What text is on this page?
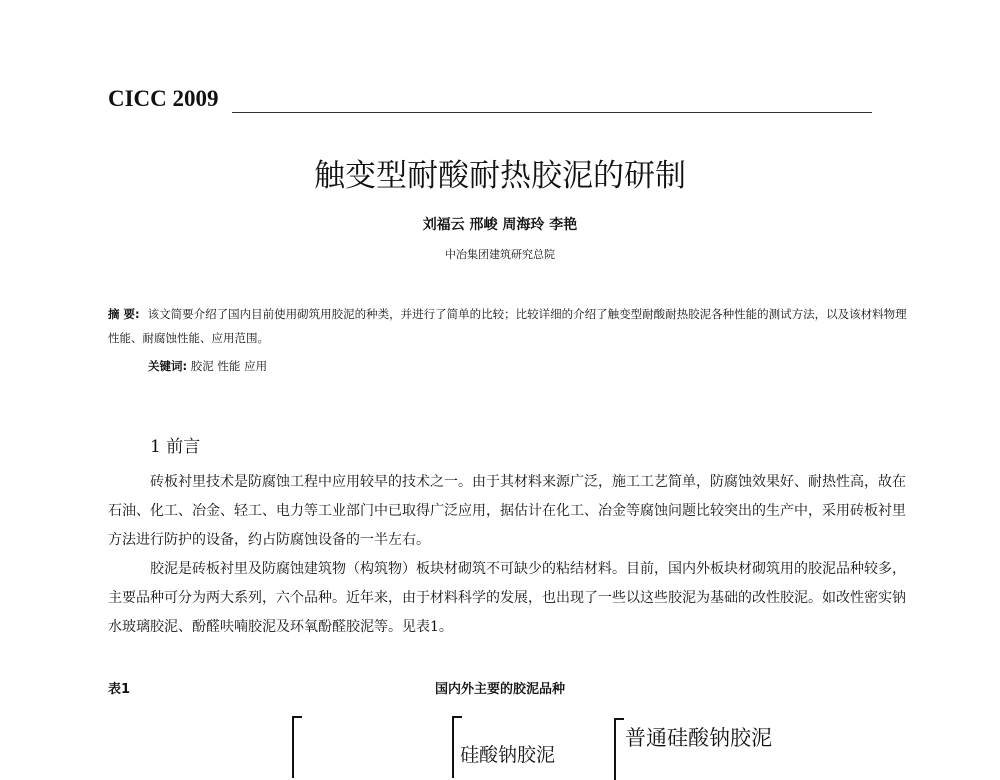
CICC 2009
触变型耐酸耐热胶泥的研制
刘福云 邢峻 周海玲 李艳
中冶集团建筑研究总院
摘 要: 该文简要介绍了国内目前使用砌筑用胶泥的种类，并进行了简单的比较；比较详细的介绍了触变型耐酸耐热胶泥各种性能的测试方法，以及该材料物理性能、耐腐蚀性能、应用范围。
关键词: 胶泥 性能 应用
1 前言

砖板衬里技术是防腐蚀工程中应用较早的技术之一。由于其材料来源广泛，施工工艺简单，防腐蚀效果好、耐热性高，故在石油、化工、冶金、轻工、电力等工业部门中已取得广泛应用，据估计在化工、冶金等腐蚀问题比较突出的生产中，采用砖板衬里方法进行防护的设备，约占防腐蚀设备的一半左右。

胶泥是砖板衬里及防腐蚀建筑物（构筑物）板块材砌筑不可缺少的粘结材料。目前，国内外板块材砌筑用的胶泥品种较多，主要品种可分为两大系列，六个品种。近年来，由于材料科学的发展，也出现了一些以这些胶泥为基础的改性胶泥。如改性密实钠水玻璃胶泥、酚醛呋喃胶泥及环氧酚醛胶泥等。见表1。

表1	国内外主要的胶泥品种
硅酸钠胶泥
普通硅酸钠胶泥
